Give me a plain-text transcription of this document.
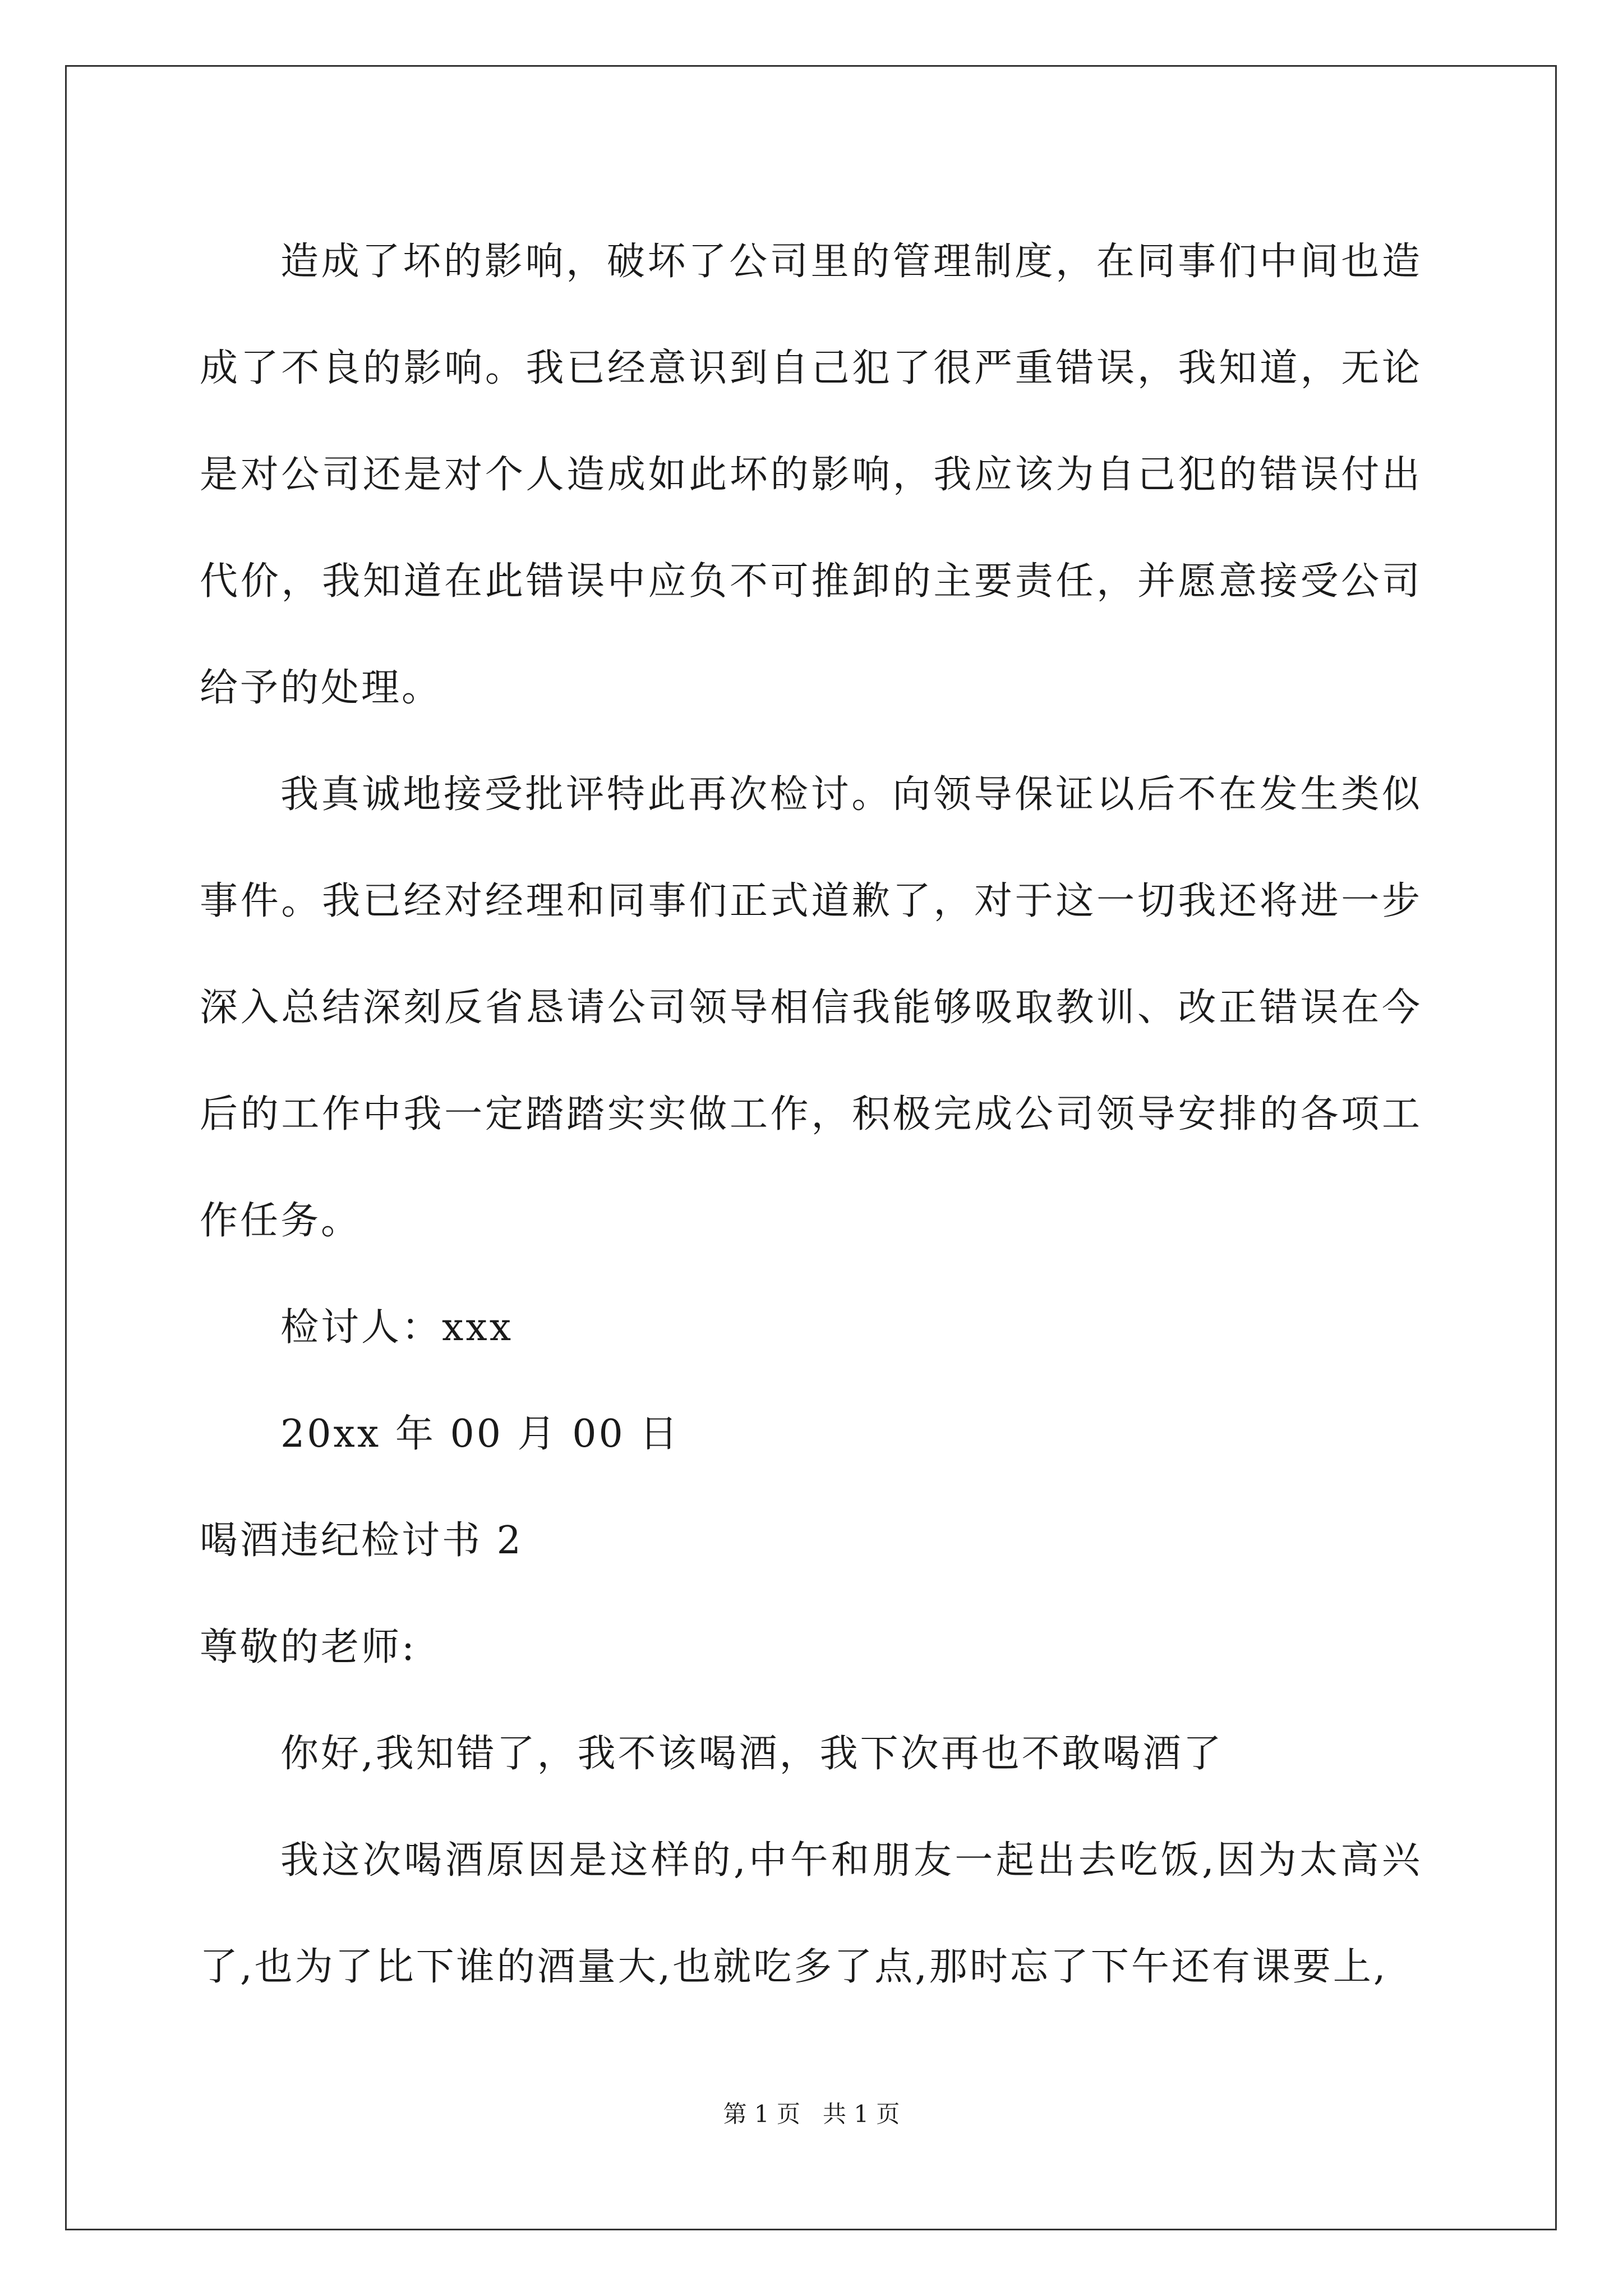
造成了坏的影响，破坏了公司里的管理制度，在同事们中间也造成了不良的影响。我已经意识到自己犯了很严重错误，我知道，无论是对公司还是对个人造成如此坏的影响，我应该为自己犯的错误付出代价，我知道在此错误中应负不可推卸的主要责任，并愿意接受公司给予的处理。

我真诚地接受批评特此再次检讨。向领导保证以后不在发生类似事件。我已经对经理和同事们正式道歉了，对于这一切我还将进一步深入总结深刻反省恳请公司领导相信我能够吸取教训、改正错误在今后的工作中我一定踏踏实实做工作，积极完成公司领导安排的各项工作任务。

检讨人：xxx

20xx 年 00 月 00 日

喝酒违纪检讨书 2

尊敬的老师:

你好,我知错了，我不该喝酒，我下次再也不敢喝酒了

我这次喝酒原因是这样的,中午和朋友一起出去吃饭,因为太高兴了,也为了比下谁的酒量大,也就吃多了点,那时忘了下午还有课要上,

第 1 页 共 1 页
